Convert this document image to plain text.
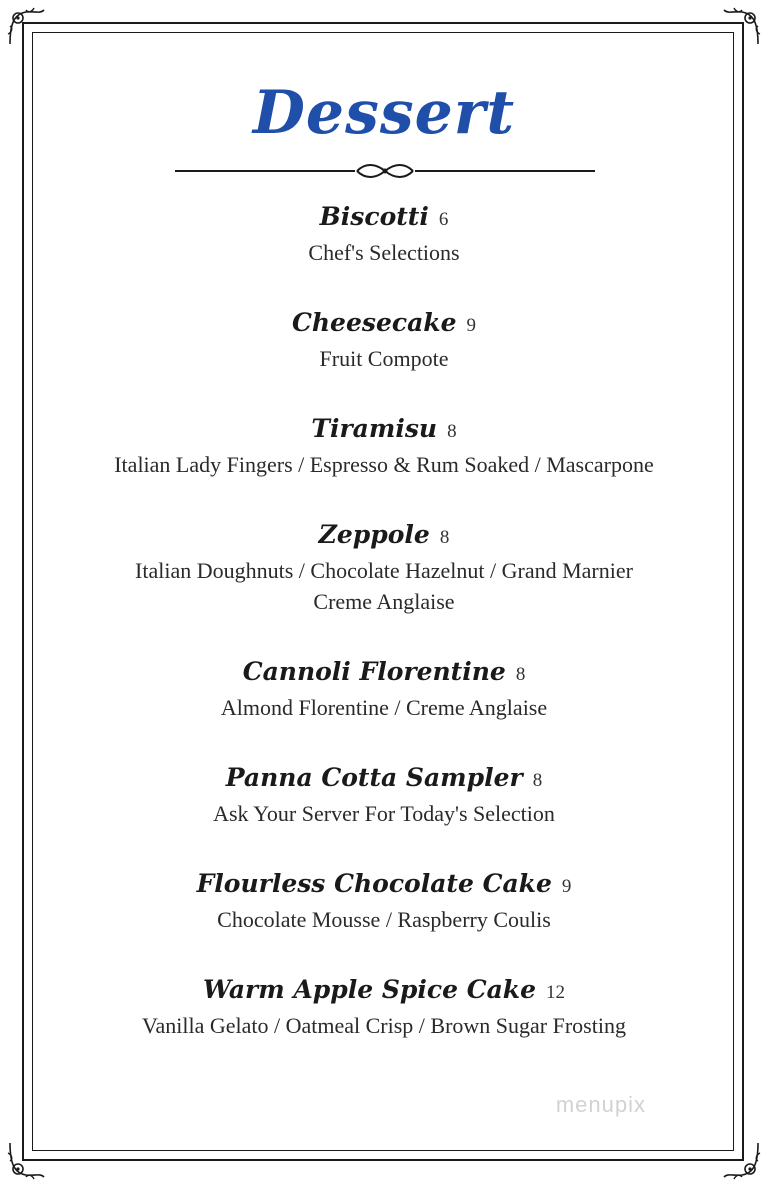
Dessert
Biscotti 6
Chef's Selections
Cheesecake 9
Fruit Compote
Tiramisu 8
Italian Lady Fingers / Espresso & Rum Soaked / Mascarpone
Zeppole 8
Italian Doughnuts / Chocolate Hazelnut / Grand Marnier
Creme Anglaise
Cannoli Florentine 8
Almond Florentine / Creme Anglaise
Panna Cotta Sampler 8
Ask Your Server For Today's Selection
Flourless Chocolate Cake 9
Chocolate Mousse / Raspberry Coulis
Warm Apple Spice Cake 12
Vanilla Gelato / Oatmeal Crisp / Brown Sugar Frosting
menupix
